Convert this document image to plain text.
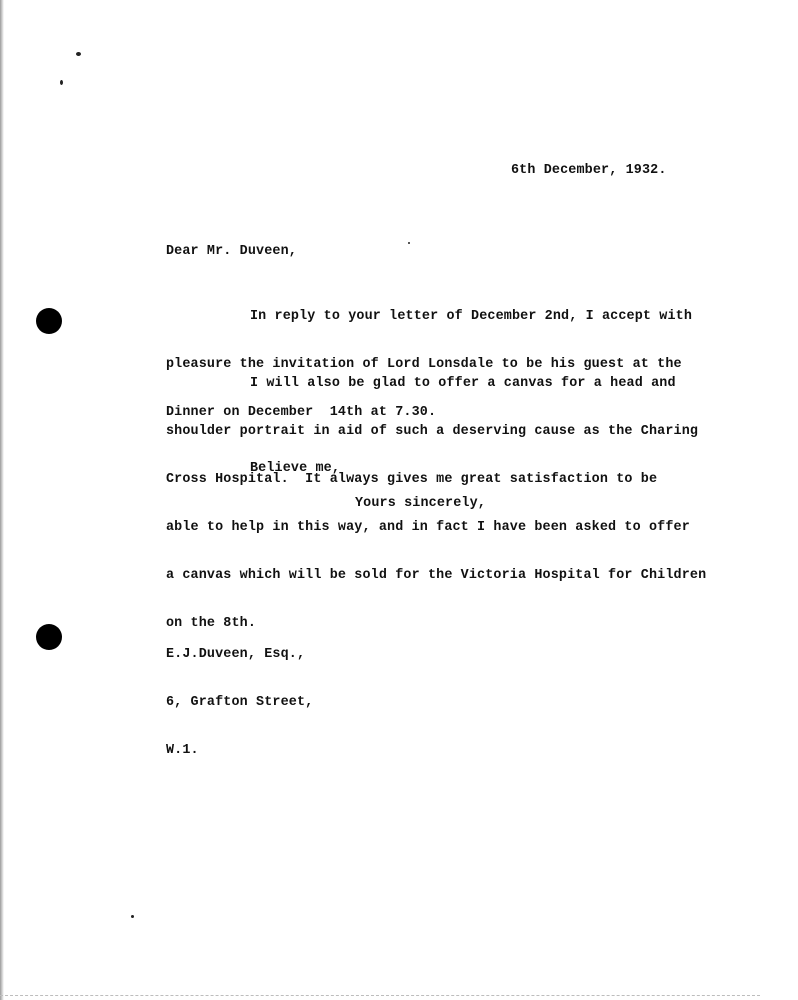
6th December, 1932.
Dear Mr. Duveen,

In reply to your letter of December 2nd, I accept with

pleasure the invitation of Lord Lonsdale to be his guest at the

Dinner on December  14th at 7.30.

I will also be glad to offer a canvas for a head and

shoulder portrait in aid of such a deserving cause as the Charing

Cross Hospital.  It always gives me great satisfaction to be

able to help in this way, and in fact I have been asked to offer

a canvas which will be sold for the Victoria Hospital for Children

on the 8th.

Believe me,
Yours sincerely,

E.J.Duveen, Esq.,

6, Grafton Street,

W.1.
